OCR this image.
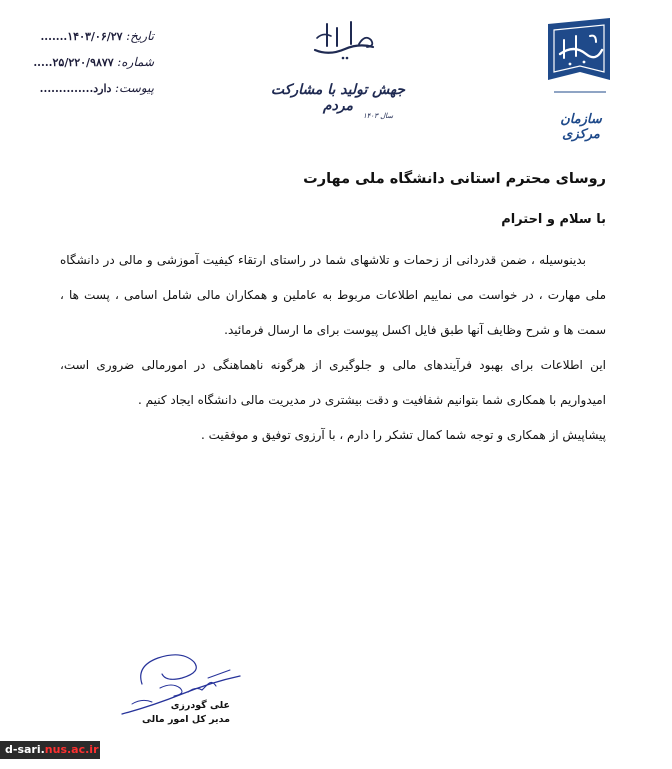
تاریخ: ۱۴۰۳/۰۶/۲۷.......
شماره: ۲۵/۲۲۰/۹۸۷۷.....
پیوست: دارد..............	جهش تولید با مشارکت مردم
سال ۱۴۰۳	سازمان مرکزی

روسای محترم استانی دانشگاه ملی مهارت

با سلام و احترام

بدینوسیله ، ضمن قدردانی از زحمات و تلاشهای شما در راستای ارتقاء کیفیت آموزشی و مالی در دانشگاه ملی مهارت ، در خواست می نماییم اطلاعات مربوط به عاملین و همکاران مالی شامل اسامی ، پست ها ، سمت ها و شرح وظایف آنها طبق فایل اکسل پیوست برای ما ارسال فرمائید.

این اطلاعات برای بهبود فرآیندهای مالی و جلوگیری از هرگونه ناهماهنگی در امورمالی ضروری است، امیدواریم با همکاری شما بتوانیم شفافیت و دقت بیشتری در مدیریت مالی دانشگاه ایجاد کنیم .

پیشاپیش از همکاری و توجه شما کمال تشکر را دارم ، با آرزوی توفیق و موفقیت .

علی گودرزی
مدیر کل امور مالی
d-sari.nus.ac.ir
